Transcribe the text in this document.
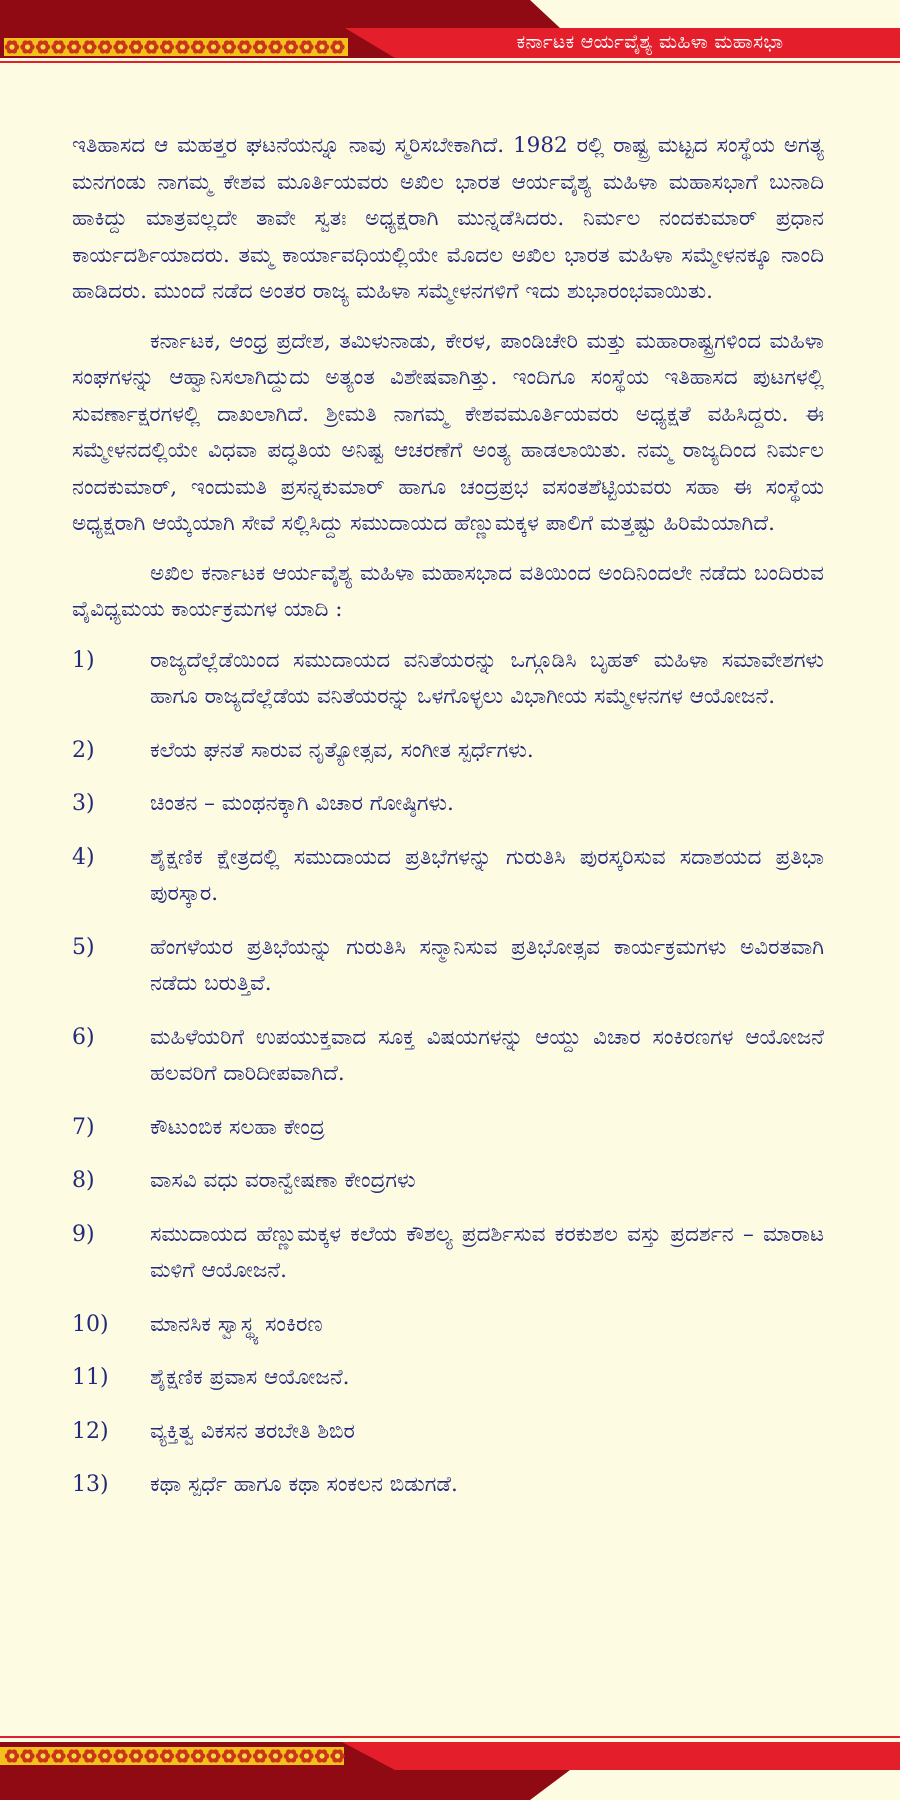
ಕರ್ನಾಟಕ ಆರ್ಯವೈಶ್ಯ ಮಹಿಳಾ ಮಹಾಸಭಾ

ಇತಿಹಾಸದ ಆ ಮಹತ್ತರ ಘಟನೆಯನ್ನೂ ನಾವು ಸ್ಮರಿಸಬೇಕಾಗಿದೆ. 1982 ರಲ್ಲಿ ರಾಷ್ಟ್ರ ಮಟ್ಟದ ಸಂಸ್ಥೆಯ ಅಗತ್ಯ ಮನಗಂಡು ನಾಗಮ್ಮ ಕೇಶವ ಮೂರ್ತಿಯವರು ಅಖಿಲ ಭಾರತ ಆರ್ಯವೈಶ್ಯ ಮಹಿಳಾ ಮಹಾಸಭಾಗೆ ಬುನಾದಿ ಹಾಕಿದ್ದು ಮಾತ್ರವಲ್ಲದೇ ತಾವೇ ಸ್ವತಃ ಅಧ್ಯಕ್ಷರಾಗಿ ಮುನ್ನಡೆಸಿದರು. ನಿರ್ಮಲ ನಂದಕುಮಾರ್ ಪ್ರಧಾನ ಕಾರ್ಯದರ್ಶಿಯಾದರು. ತಮ್ಮ ಕಾರ್ಯಾವಧಿಯಲ್ಲಿಯೇ ಮೊದಲ ಅಖಿಲ ಭಾರತ ಮಹಿಳಾ ಸಮ್ಮೇಳನಕ್ಕೂ ನಾಂದಿ ಹಾಡಿದರು. ಮುಂದೆ ನಡೆದ ಅಂತರ ರಾಜ್ಯ ಮಹಿಳಾ ಸಮ್ಮೇಳನಗಳಿಗೆ ಇದು ಶುಭಾರಂಭವಾಯಿತು.

ಕರ್ನಾಟಕ, ಆಂಧ್ರ ಪ್ರದೇಶ, ತಮಿಳುನಾಡು, ಕೇರಳ, ಪಾಂಡಿಚೇರಿ ಮತ್ತು ಮಹಾರಾಷ್ಟ್ರಗಳಿಂದ ಮಹಿಳಾ ಸಂಘಗಳನ್ನು ಆಹ್ವಾನಿಸಲಾಗಿದ್ದುದು ಅತ್ಯಂತ ವಿಶೇಷವಾಗಿತ್ತು. ಇಂದಿಗೂ ಸಂಸ್ಥೆಯ ಇತಿಹಾಸದ ಪುಟಗಳಲ್ಲಿ ಸುವರ್ಣಾಕ್ಷರಗಳಲ್ಲಿ ದಾಖಲಾಗಿದೆ. ಶ್ರೀಮತಿ ನಾಗಮ್ಮ ಕೇಶವಮೂರ್ತಿಯವರು ಅಧ್ಯಕ್ಷತೆ ವಹಿಸಿದ್ದರು. ಈ ಸಮ್ಮೇಳನದಲ್ಲಿಯೇ ವಿಧವಾ ಪದ್ಧತಿಯ ಅನಿಷ್ಟ ಆಚರಣೆಗೆ ಅಂತ್ಯ ಹಾಡಲಾಯಿತು. ನಮ್ಮ ರಾಜ್ಯದಿಂದ ನಿರ್ಮಲ ನಂದಕುಮಾರ್, ಇಂದುಮತಿ ಪ್ರಸನ್ನಕುಮಾರ್ ಹಾಗೂ ಚಂದ್ರಪ್ರಭ ವಸಂತಶೆಟ್ಟಿಯವರು ಸಹಾ ಈ ಸಂಸ್ಥೆಯ ಅಧ್ಯಕ್ಷರಾಗಿ ಆಯ್ಕೆಯಾಗಿ ಸೇವೆ ಸಲ್ಲಿಸಿದ್ದು ಸಮುದಾಯದ ಹೆಣ್ಣುಮಕ್ಕಳ ಪಾಲಿಗೆ ಮತ್ತಷ್ಟು ಹಿರಿಮೆಯಾಗಿದೆ.

ಅಖಿಲ ಕರ್ನಾಟಕ ಆರ್ಯವೈಶ್ಯ ಮಹಿಳಾ ಮಹಾಸಭಾದ ವತಿಯಿಂದ ಅಂದಿನಿಂದಲೇ ನಡೆದು ಬಂದಿರುವ ವೈವಿಧ್ಯಮಯ ಕಾರ್ಯಕ್ರಮಗಳ ಯಾದಿ :

1)	ರಾಜ್ಯದೆಲ್ಲೆಡೆಯಿಂದ ಸಮುದಾಯದ ವನಿತೆಯರನ್ನು ಒಗ್ಗೂಡಿಸಿ ಬೃಹತ್ ಮಹಿಳಾ ಸಮಾವೇಶಗಳು ಹಾಗೂ ರಾಜ್ಯದೆಲ್ಲೆಡೆಯ ವನಿತೆಯರನ್ನು ಒಳಗೊಳ್ಳಲು ವಿಭಾಗೀಯ ಸಮ್ಮೇಳನಗಳ ಆಯೋಜನೆ.
2)	ಕಲೆಯ ಘನತೆ ಸಾರುವ ನೃತ್ಯೋತ್ಸವ, ಸಂಗೀತ ಸ್ಪರ್ಧೆಗಳು.
3)	ಚಿಂತನ – ಮಂಥನಕ್ಕಾಗಿ ವಿಚಾರ ಗೋಷ್ಠಿಗಳು.
4)	ಶೈಕ್ಷಣಿಕ ಕ್ಷೇತ್ರದಲ್ಲಿ ಸಮುದಾಯದ ಪ್ರತಿಭೆಗಳನ್ನು ಗುರುತಿಸಿ ಪುರಸ್ಕರಿಸುವ ಸದಾಶಯದ ಪ್ರತಿಭಾ ಪುರಸ್ಕಾರ.
5)	ಹೆಂಗಳೆಯರ ಪ್ರತಿಭೆಯನ್ನು ಗುರುತಿಸಿ ಸನ್ಮಾನಿಸುವ ಪ್ರತಿಭೋತ್ಸವ ಕಾರ್ಯಕ್ರಮಗಳು ಅವಿರತವಾಗಿ ನಡೆದು ಬರುತ್ತಿವೆ.
6)	ಮಹಿಳೆಯರಿಗೆ ಉಪಯುಕ್ತವಾದ ಸೂಕ್ತ ವಿಷಯಗಳನ್ನು ಆಯ್ದು ವಿಚಾರ ಸಂಕಿರಣಗಳ ಆಯೋಜನೆ ಹಲವರಿಗೆ ದಾರಿದೀಪವಾಗಿದೆ.
7)	ಕೌಟುಂಬಿಕ ಸಲಹಾ ಕೇಂದ್ರ
8)	ವಾಸವಿ ವಧು ವರಾನ್ವೇಷಣಾ ಕೇಂದ್ರಗಳು
9)	ಸಮುದಾಯದ ಹೆಣ್ಣುಮಕ್ಕಳ ಕಲೆಯ ಕೌಶಲ್ಯ ಪ್ರದರ್ಶಿಸುವ ಕರಕುಶಲ ವಸ್ತು ಪ್ರದರ್ಶನ – ಮಾರಾಟ ಮಳಿಗೆ ಆಯೋಜನೆ.
10)	ಮಾನಸಿಕ ಸ್ವಾಸ್ಥ್ಯ ಸಂಕಿರಣ
11)	ಶೈಕ್ಷಣಿಕ ಪ್ರವಾಸ ಆಯೋಜನೆ.
12)	ವ್ಯಕ್ತಿತ್ವ ವಿಕಸನ ತರಬೇತಿ ಶಿಬಿರ
13)	ಕಥಾ ಸ್ಪರ್ಧೆ ಹಾಗೂ ಕಥಾ ಸಂಕಲನ ಬಿಡುಗಡೆ.
